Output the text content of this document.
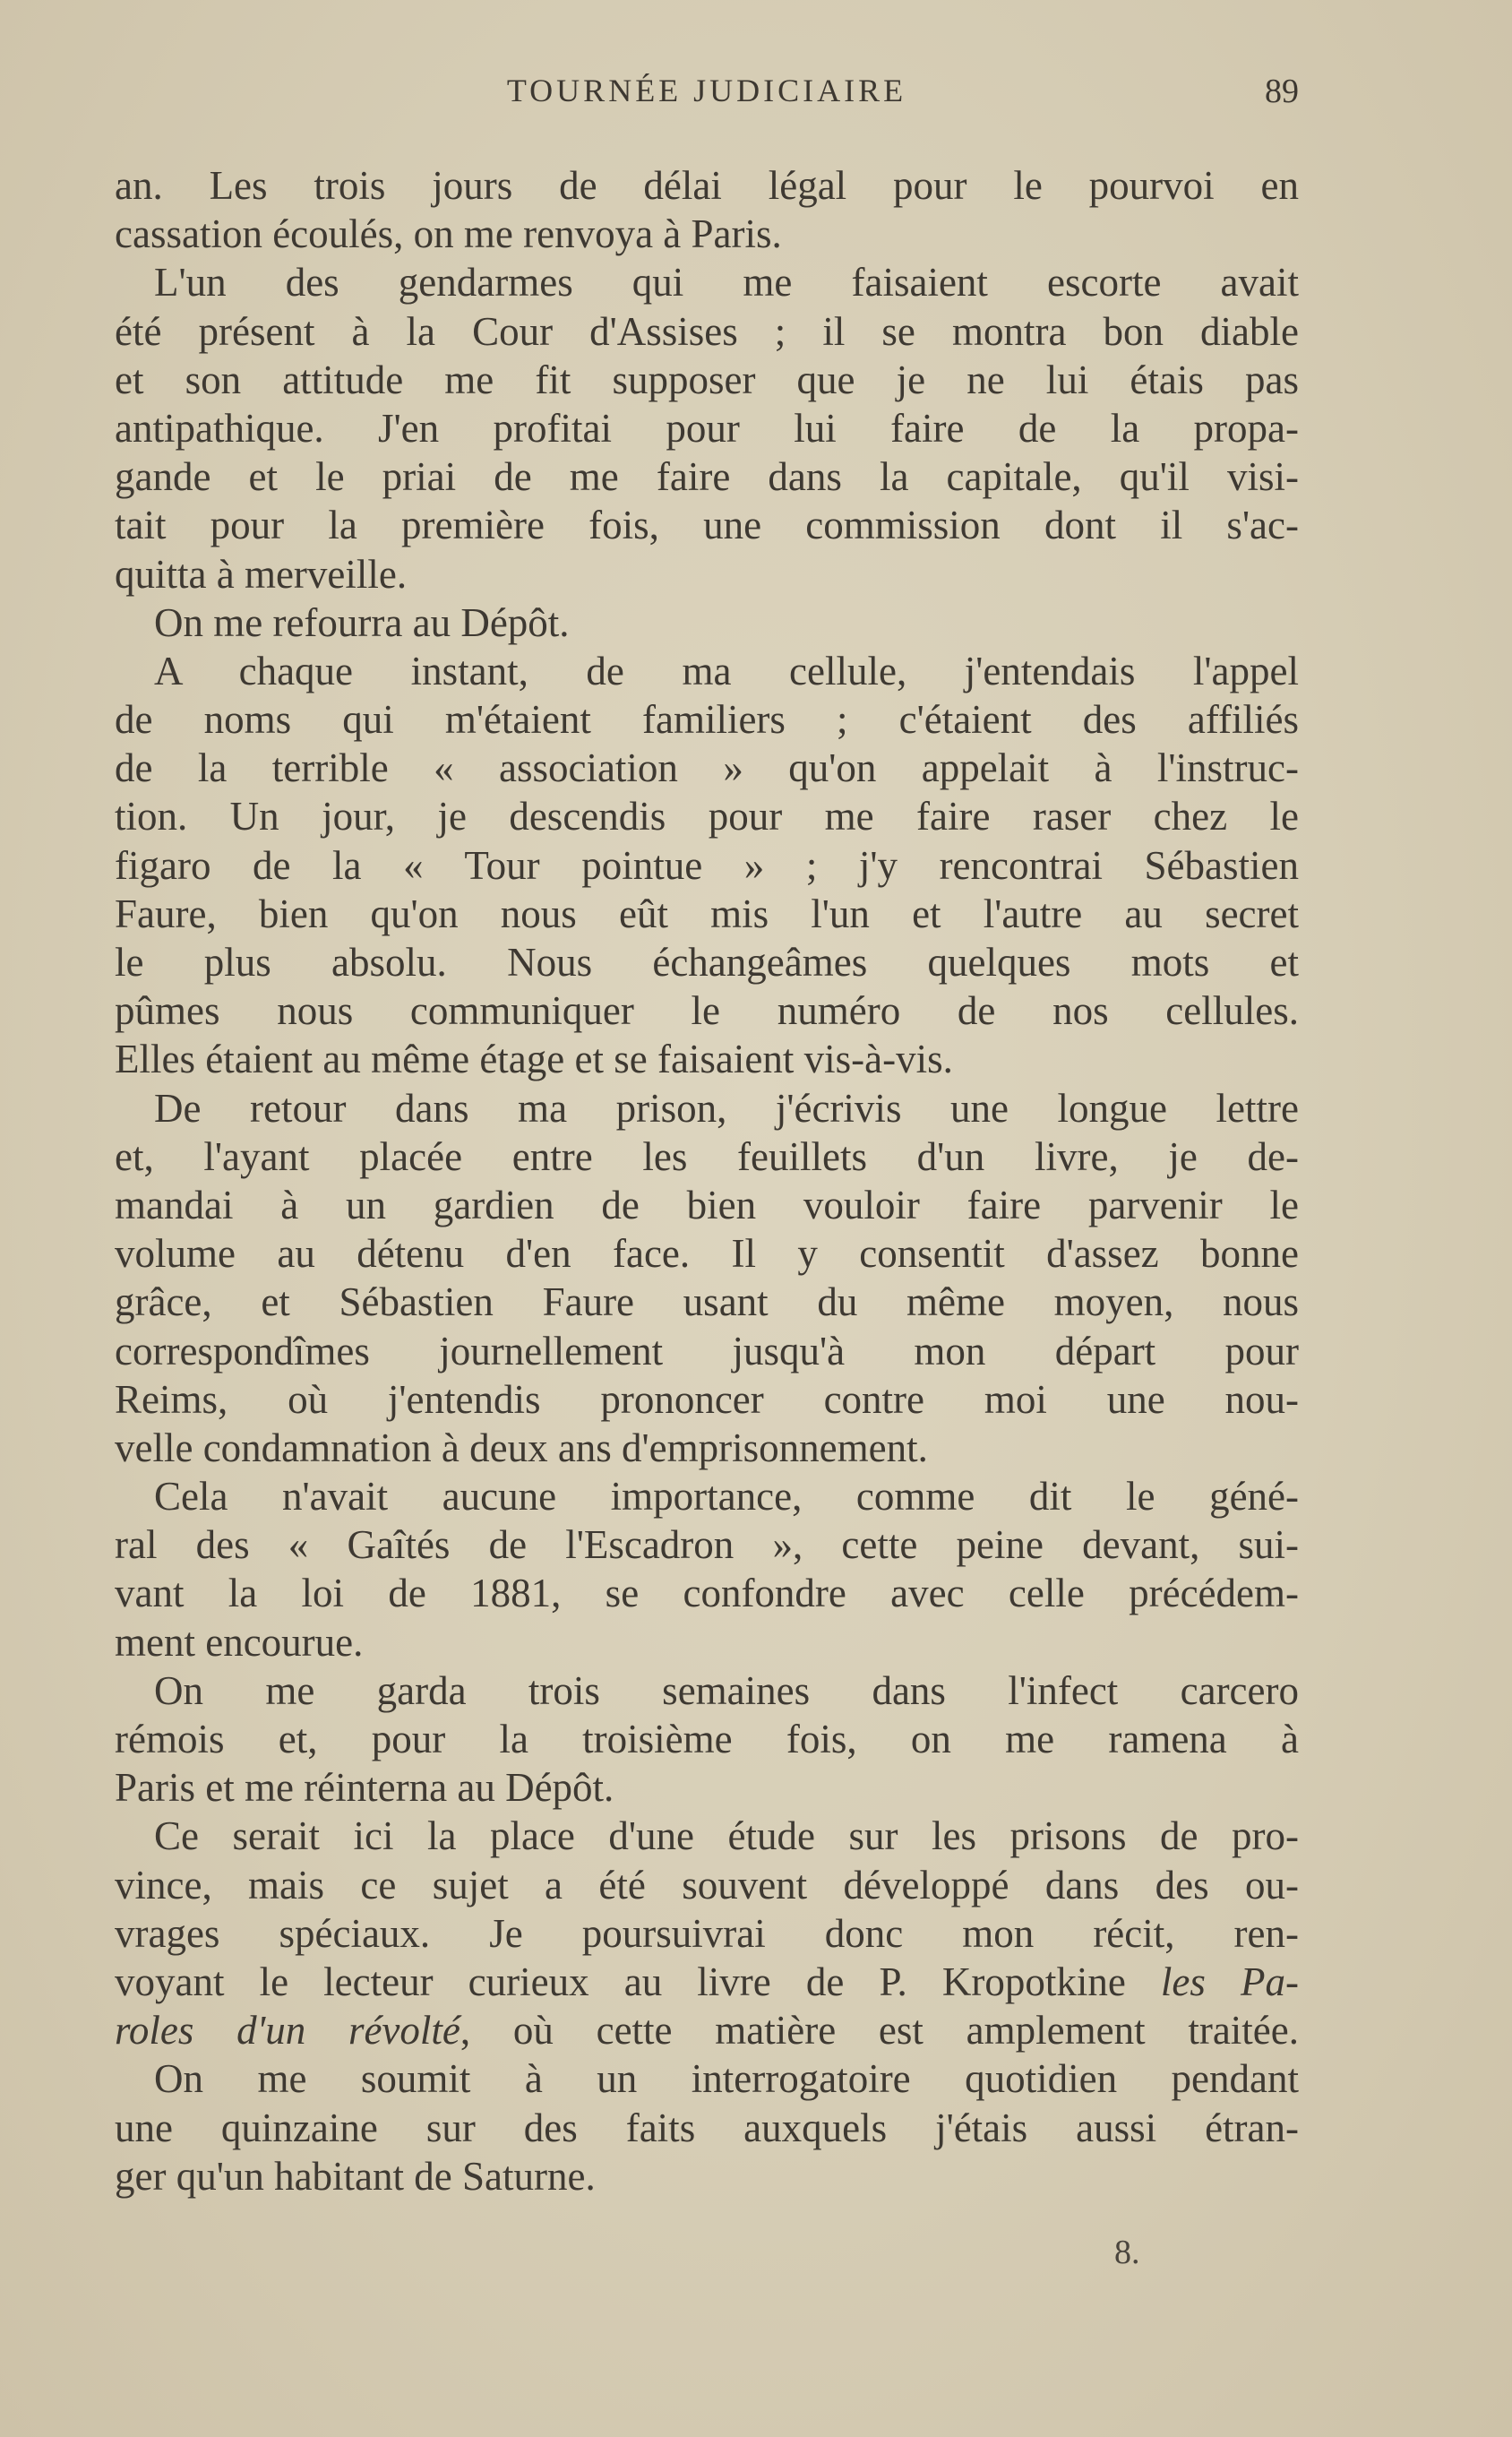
TOURNÉE JUDICIAIRE	89
an. Les trois jours de délai légal pour le pourvoi en
cassation écoulés, on me renvoya à Paris.
L'un des gendarmes qui me faisaient escorte avait
été présent à la Cour d'Assises ; il se montra bon diable
et son attitude me fit supposer que je ne lui étais pas
antipathique. J'en profitai pour lui faire de la propa-
gande et le priai de me faire dans la capitale, qu'il visi-
tait pour la première fois, une commission dont il s'ac-
quitta à merveille.
On me refourra au Dépôt.
A chaque instant, de ma cellule, j'entendais l'appel
de noms qui m'étaient familiers ; c'étaient des affiliés
de la terrible « association » qu'on appelait à l'instruc-
tion. Un jour, je descendis pour me faire raser chez le
figaro de la « Tour pointue » ; j'y rencontrai Sébastien
Faure, bien qu'on nous eût mis l'un et l'autre au secret
le plus absolu. Nous échangeâmes quelques mots et
pûmes nous communiquer le numéro de nos cellules.
Elles étaient au même étage et se faisaient vis-à-vis.
De retour dans ma prison, j'écrivis une longue lettre
et, l'ayant placée entre les feuillets d'un livre, je de-
mandai à un gardien de bien vouloir faire parvenir le
volume au détenu d'en face. Il y consentit d'assez bonne
grâce, et Sébastien Faure usant du même moyen, nous
correspondîmes journellement jusqu'à mon départ pour
Reims, où j'entendis prononcer contre moi une nou-
velle condamnation à deux ans d'emprisonnement.
Cela n'avait aucune importance, comme dit le géné-
ral des « Gaîtés de l'Escadron », cette peine devant, sui-
vant la loi de 1881, se confondre avec celle précédem-
ment encourue.
On me garda trois semaines dans l'infect carcero
rémois et, pour la troisième fois, on me ramena à
Paris et me réinterna au Dépôt.
Ce serait ici la place d'une étude sur les prisons de pro-
vince, mais ce sujet a été souvent développé dans des ou-
vrages spéciaux. Je poursuivrai donc mon récit, ren-
voyant le lecteur curieux au livre de P. Kropotkine les Pa-
roles d'un révolté, où cette matière est amplement traitée.
On me soumit à un interrogatoire quotidien pendant
une quinzaine sur des faits auxquels j'étais aussi étran-
ger qu'un habitant de Saturne.
8.
